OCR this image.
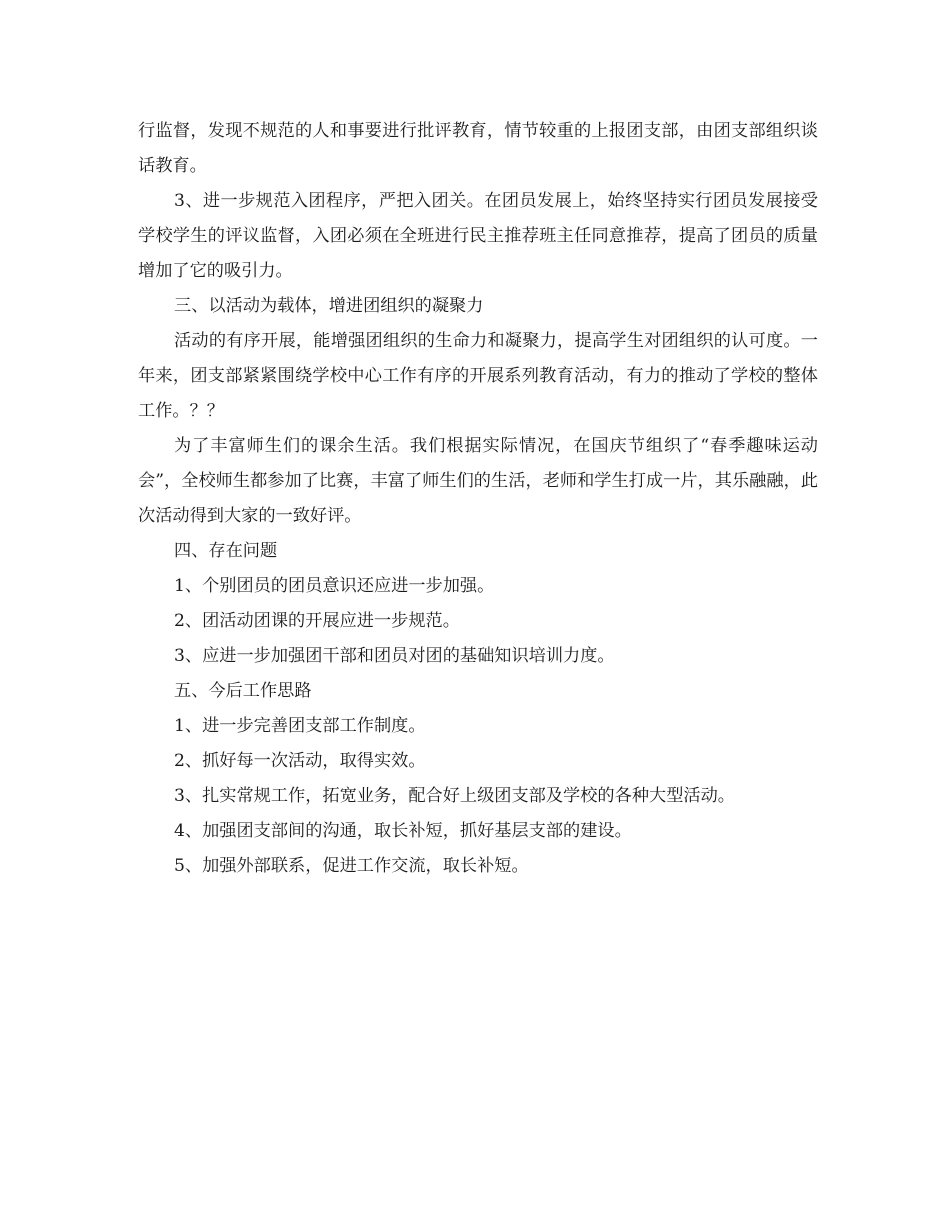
行监督，发现不规范的人和事要进行批评教育，情节较重的上报团支部，由团支部组织谈话教育。

3、进一步规范入团程序，严把入团关。在团员发展上，始终坚持实行团员发展接受学校学生的评议监督，入团必须在全班进行民主推荐班主任同意推荐，提高了团员的质量增加了它的吸引力。

三、以活动为载体，增进团组织的凝聚力

活动的有序开展，能增强团组织的生命力和凝聚力，提高学生对团组织的认可度。一年来，团支部紧紧围绕学校中心工作有序的开展系列教育活动，有力的推动了学校的整体工作。？？

为了丰富师生们的课余生活。我们根据实际情况，在国庆节组织了“春季趣味运动会”，全校师生都参加了比赛，丰富了师生们的生活，老师和学生打成一片，其乐融融，此次活动得到大家的一致好评。

四、存在问题

1、个别团员的团员意识还应进一步加强。

2、团活动团课的开展应进一步规范。

3、应进一步加强团干部和团员对团的基础知识培训力度。

五、今后工作思路

1、进一步完善团支部工作制度。

2、抓好每一次活动，取得实效。

3、扎实常规工作，拓宽业务，配合好上级团支部及学校的各种大型活动。

4、加强团支部间的沟通，取长补短，抓好基层支部的建设。

5、加强外部联系，促进工作交流，取长补短。
